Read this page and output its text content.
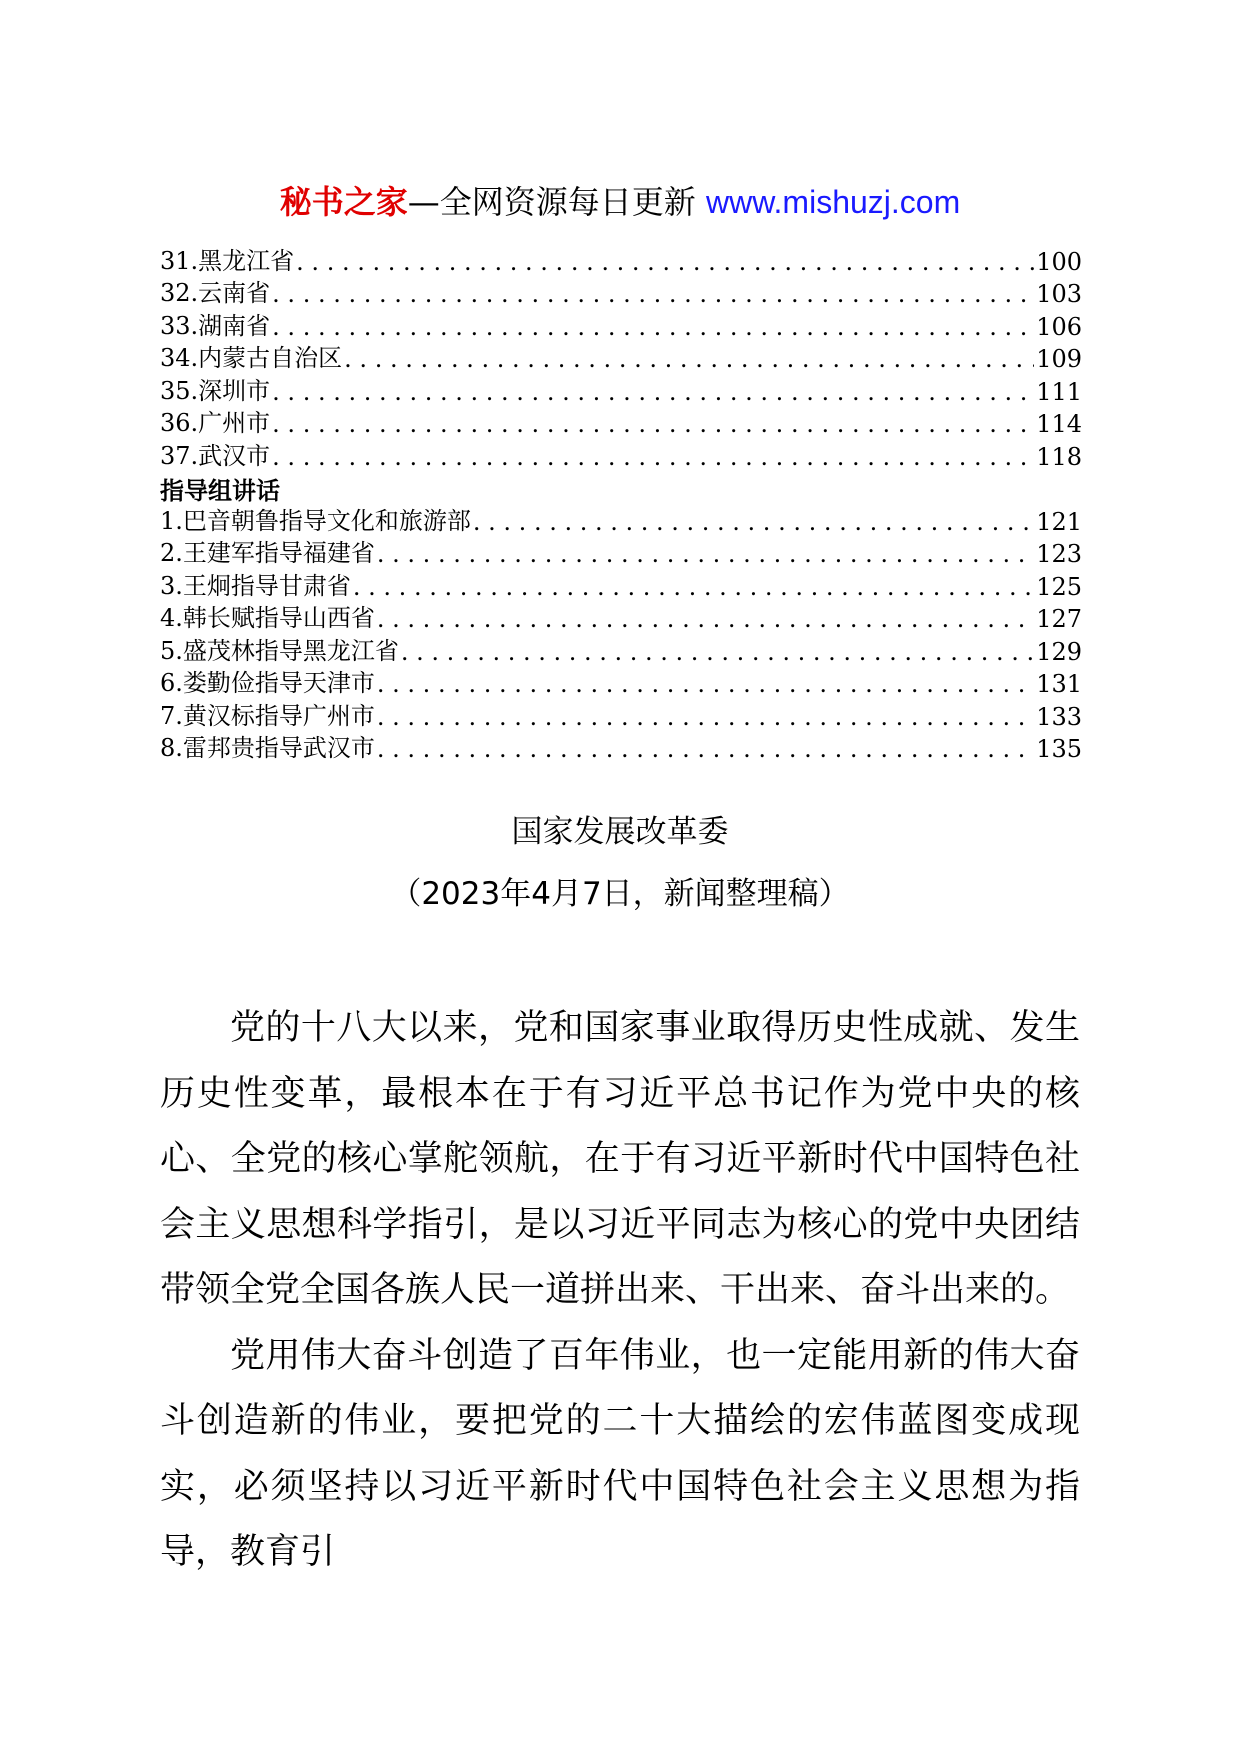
秘书之家—全网资源每日更新 www.mishuzj.com
31.黑龙江省 . . .	100
32.云南省 . . .	103
33.湖南省 . . .	106
34.内蒙古自治区 . . .	109
35.深圳市 . . .	111
36.广州市 . . .	114
37.武汉市 . . .	118
指导组讲话
1.巴音朝鲁指导文化和旅游部 . . .	121
2.王建军指导福建省 . . .	123
3.王炯指导甘肃省 . . .	125
4.韩长赋指导山西省 . . .	127
5.盛茂林指导黑龙江省 . . .	129
6.娄勤俭指导天津市 . . .	131
7.黄汉标指导广州市 . . .	133
8.雷邦贵指导武汉市 . . .	135
国家发展改革委
（2023年4月7日，新闻整理稿）

党的十八大以来，党和国家事业取得历史性成就、发生历史性变革，最根本在于有习近平总书记作为党中央的核心、全党的核心掌舵领航，在于有习近平新时代中国特色社会主义思想科学指引，是以习近平同志为核心的党中央团结带领全党全国各族人民一道拼出来、干出来、奋斗出来的。

党用伟大奋斗创造了百年伟业，也一定能用新的伟大奋斗创造新的伟业，要把党的二十大描绘的宏伟蓝图变成现实，必须坚持以习近平新时代中国特色社会主义思想为指导，教育引
